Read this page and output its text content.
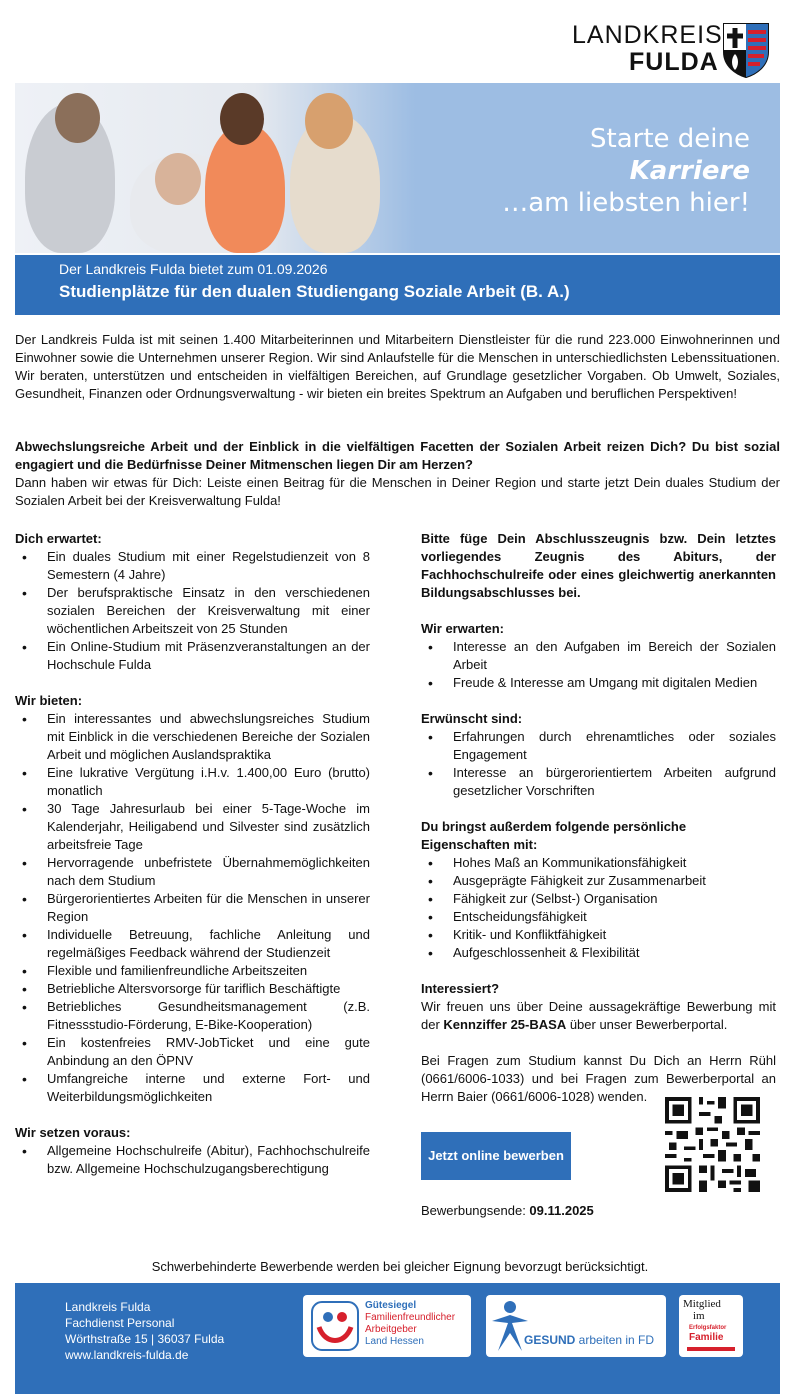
LANDKREIS
FULDA
Starte deine
Karriere
…am liebsten hier!
Der Landkreis Fulda bietet zum 01.09.2026
Studienplätze für den dualen Studiengang Soziale Arbeit (B. A.)
Der Landkreis Fulda ist mit seinen 1.400 Mitarbeiterinnen und Mitarbeitern Dienstleister für die rund 223.000 Einwohnerinnen und Einwohner sowie die Unternehmen unserer Region. Wir sind Anlaufstelle für die Menschen in unterschiedlichsten Lebenssituationen. Wir beraten, unterstützen und entscheiden in vielfältigen Bereichen, auf Grundlage gesetzlicher Vorgaben. Ob Umwelt, Soziales, Gesundheit, Finanzen oder Ordnungsverwaltung - wir bieten ein breites Spektrum an Aufgaben und beruflichen Perspektiven!
Abwechslungsreiche Arbeit und der Einblick in die vielfältigen Facetten der Sozialen Arbeit reizen Dich? Du bist sozial engagiert und die Bedürfnisse Deiner Mitmenschen liegen Dir am Herzen?
Dann haben wir etwas für Dich: Leiste einen Beitrag für die Menschen in Deiner Region und starte jetzt Dein duales Studium der Sozialen Arbeit bei der Kreisverwaltung Fulda!
Dich erwartet:
• Ein duales Studium mit einer Regelstudienzeit von 8 Semestern (4 Jahre)
• Der berufspraktische Einsatz in den verschiedenen sozialen Bereichen der Kreisverwaltung mit einer wöchentlichen Arbeitszeit von 25 Stunden
• Ein Online-Studium mit Präsenzveranstaltungen an der Hochschule Fulda
Wir bieten:
• Ein interessantes und abwechslungsreiches Studium mit Einblick in die verschiedenen Bereiche der Sozialen Arbeit und möglichen Auslandspraktika
• Eine lukrative Vergütung i.H.v. 1.400,00 Euro (brutto) monatlich
• 30 Tage Jahresurlaub bei einer 5-Tage-Woche im Kalenderjahr, Heiligabend und Silvester sind zusätzlich arbeitsfreie Tage
• Hervorragende unbefristete Übernahmemöglichkeiten nach dem Studium
• Bürgerorientiertes Arbeiten für die Menschen in unserer Region
• Individuelle Betreuung, fachliche Anleitung und regelmäßiges Feedback während der Studienzeit
• Flexible und familienfreundliche Arbeitszeiten
• Betriebliche Altersvorsorge für tariflich Beschäftigte
• Betriebliches Gesundheitsmanagement (z.B. Fitnessstudio-Förderung, E-Bike-Kooperation)
• Ein kostenfreies RMV-JobTicket und eine gute Anbindung an den ÖPNV
• Umfangreiche interne und externe Fort- und Weiterbildungsmöglichkeiten
Wir setzen voraus:
• Allgemeine Hochschulreife (Abitur), Fachhochschulreife bzw. Allgemeine Hochschulzugangsberechtigung
Bitte füge Dein Abschlusszeugnis bzw. Dein letztes vorliegendes Zeugnis des Abiturs, der Fachhochschulreife oder eines gleichwertig anerkannten Bildungsabschlusses bei.
Wir erwarten:
• Interesse an den Aufgaben im Bereich der Sozialen Arbeit
• Freude & Interesse am Umgang mit digitalen Medien
Erwünscht sind:
• Erfahrungen durch ehrenamtliches oder soziales Engagement
• Interesse an bürgerorientiertem Arbeiten aufgrund gesetzlicher Vorschriften
Du bringst außerdem folgende persönliche Eigenschaften mit:
• Hohes Maß an Kommunikationsfähigkeit
• Ausgeprägte Fähigkeit zur Zusammenarbeit
• Fähigkeit zur (Selbst-) Organisation
• Entscheidungsfähigkeit
• Kritik- und Konfliktfähigkeit
• Aufgeschlossenheit & Flexibilität
Interessiert?
Wir freuen uns über Deine aussagekräftige Bewerbung mit der Kennziffer 25-BASA über unser Bewerberportal.
Bei Fragen zum Studium kannst Du Dich an Herrn Rühl (0661/6006-1033) und bei Fragen zum Bewerberportal an Herrn Baier (0661/6006-1028) wenden.
Jetzt online bewerben
Bewerbungsende: 09.11.2025
Schwerbehinderte Bewerbende werden bei gleicher Eignung bevorzugt berücksichtigt.
Landkreis Fulda
Fachdienst Personal
Wörthstraße 15 | 36037 Fulda
www.landkreis-fulda.de
Gütesiegel
Familienfreundlicher
Arbeitgeber
Land Hessen	GESUND arbeiten in FD
Mitglied
im
Erfolgsfaktor
Familie
